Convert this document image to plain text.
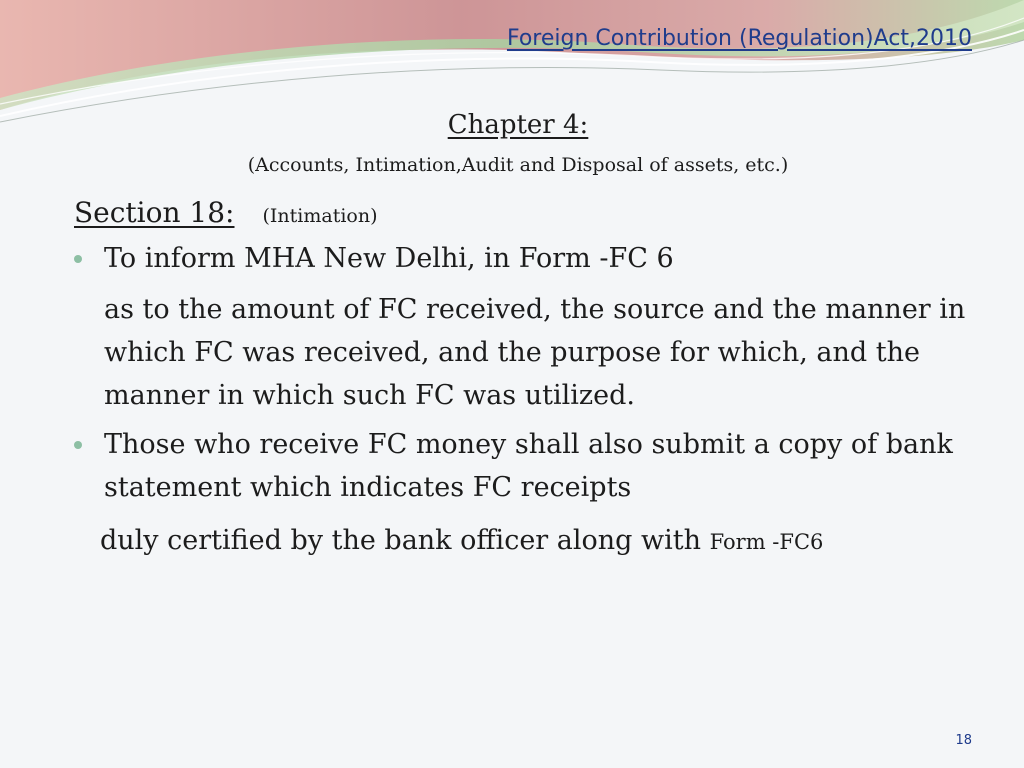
Foreign Contribution (Regulation)Act,2010

Chapter 4:

(Accounts, Intimation,Audit and Disposal of assets, etc.)

Section 18: (Intimation)
To inform MHA New Delhi, in Form -FC 6
as to the amount of FC received, the source and the manner in which FC was received, and the purpose for which, and the manner in which such FC was utilized.
Those who receive FC money shall also submit a copy of bank statement which indicates FC receipts

duly certified by the bank officer along with Form -FC6

18
